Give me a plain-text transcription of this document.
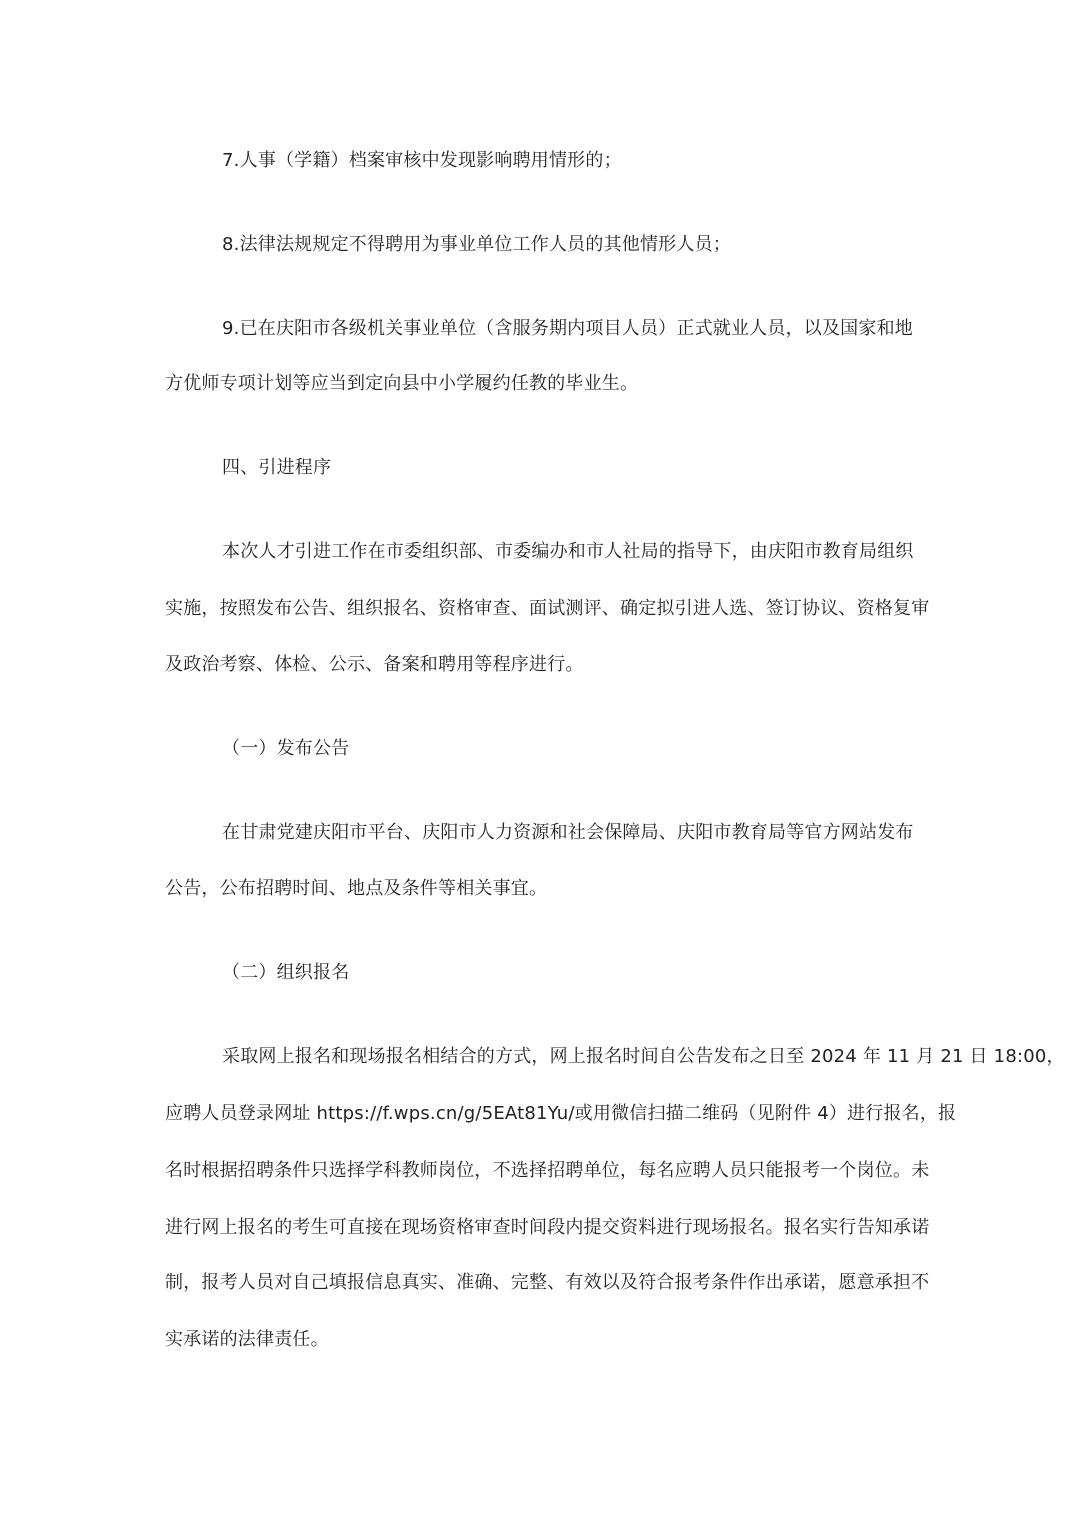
7.人事（学籍）档案审核中发现影响聘用情形的；
8.法律法规规定不得聘用为事业单位工作人员的其他情形人员；
9.已在庆阳市各级机关事业单位（含服务期内项目人员）正式就业人员，以及国家和地
方优师专项计划等应当到定向县中小学履约任教的毕业生。
四、引进程序
本次人才引进工作在市委组织部、市委编办和市人社局的指导下，由庆阳市教育局组织
实施，按照发布公告、组织报名、资格审查、面试测评、确定拟引进人选、签订协议、资格复审
及政治考察、体检、公示、备案和聘用等程序进行。
（一）发布公告
在甘肃党建庆阳市平台、庆阳市人力资源和社会保障局、庆阳市教育局等官方网站发布
公告，公布招聘时间、地点及条件等相关事宜。
（二）组织报名
采取网上报名和现场报名相结合的方式，网上报名时间自公告发布之日至 2024 年 11 月 21 日 18:00，
应聘人员登录网址 https://f.wps.cn/g/5EAt81Yu/或用微信扫描二维码（见附件 4）进行报名，报
名时根据招聘条件只选择学科教师岗位，不选择招聘单位，每名应聘人员只能报考一个岗位。未
进行网上报名的考生可直接在现场资格审查时间段内提交资料进行现场报名。报名实行告知承诺
制，报考人员对自己填报信息真实、准确、完整、有效以及符合报考条件作出承诺，愿意承担不
实承诺的法律责任。
